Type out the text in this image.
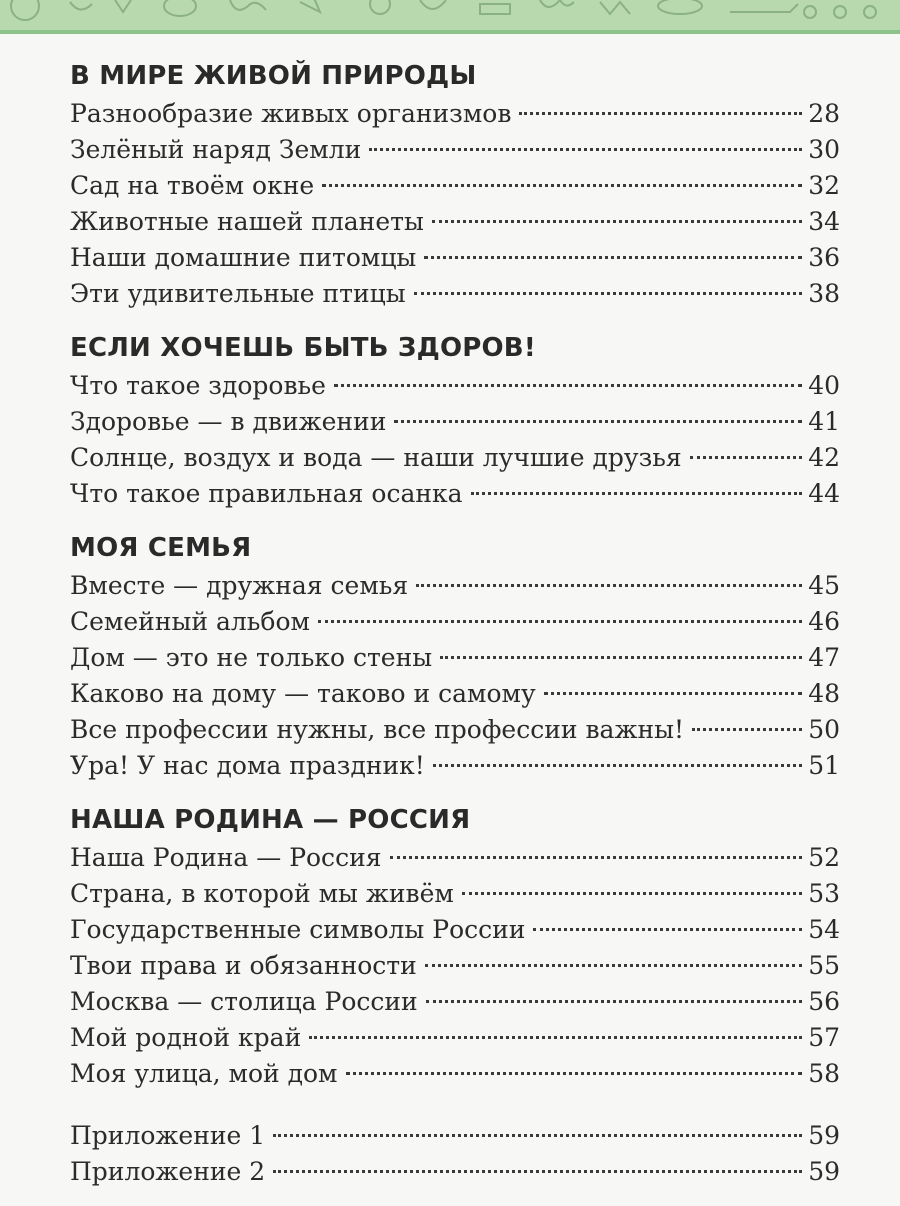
В МИРЕ ЖИВОЙ ПРИРОДЫ
Разнообразие живых организмов	28
Зелёный наряд Земли	30
Сад на твоём окне	32
Животные нашей планеты	34
Наши домашние питомцы	36
Эти удивительные птицы	38
ЕСЛИ ХОЧЕШЬ БЫТЬ ЗДОРОВ!
Что такое здоровье	40
Здоровье — в движении	41
Солнце, воздух и вода — наши лучшие друзья	42
Что такое правильная осанка	44
МОЯ СЕМЬЯ
Вместе — дружная семья	45
Семейный альбом	46
Дом — это не только стены	47
Каково на дому — таково и самому	48
Все профессии нужны, все профессии важны!	50
Ура! У нас дома праздник!	51
НАША РОДИНА — РОССИЯ
Наша Родина — Россия	52
Страна, в которой мы живём	53
Государственные символы России	54
Твои права и обязанности	55
Москва — столица России	56
Мой родной край	57
Моя улица, мой дом	58
Приложение 1	59
Приложение 2	59
